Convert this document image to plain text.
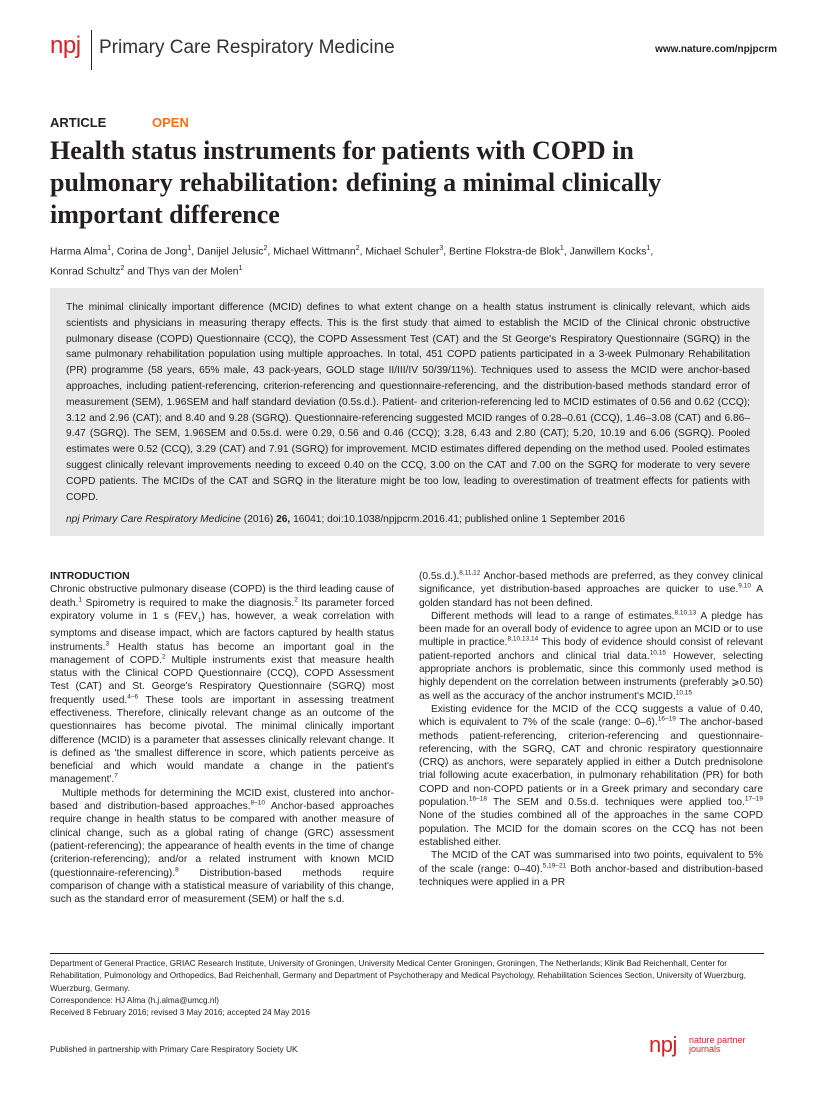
npj Primary Care Respiratory Medicine	www.nature.com/npjpcrm
ARTICLE	OPEN
Health status instruments for patients with COPD in pulmonary rehabilitation: defining a minimal clinically important difference
Harma Alma$^1$, Corina de Jong$^1$, Danijel Jelusic$^2$, Michael Wittmann$^2$, Michael Schuler$^3$, Bertine Flokstra-de Blok$^1$, Janwillem Kocks$^1$,
Konrad Schultz$^2$ and Thys van der Molen$^1$

The minimal clinically important difference (MCID) defines to what extent change on a health status instrument is clinically relevant, which aids scientists and physicians in measuring therapy effects. This is the first study that aimed to establish the MCID of the Clinical chronic obstructive pulmonary disease (COPD) Questionnaire (CCQ), the COPD Assessment Test (CAT) and the St George's Respiratory Questionnaire (SGRQ) in the same pulmonary rehabilitation population using multiple approaches. In total, 451 COPD patients participated in a 3-week Pulmonary Rehabilitation (PR) programme (58 years, 65% male, 43 pack-years, GOLD stage II/III/IV 50/39/11%). Techniques used to assess the MCID were anchor-based approaches, including patient-referencing, criterion-referencing and questionnaire-referencing, and the distribution-based methods standard error of measurement (SEM), 1.96SEM and half standard deviation (0.5s.d.). Patient- and criterion-referencing led to MCID estimates of 0.56 and 0.62 (CCQ); 3.12 and 2.96 (CAT); and 8.40 and 9.28 (SGRQ). Questionnaire-referencing suggested MCID ranges of 0.28–0.61 (CCQ), 1.46–3.08 (CAT) and 6.86–9.47 (SGRQ). The SEM, 1.96SEM and 0.5s.d. were 0.29, 0.56 and 0.46 (CCQ); 3.28, 6.43 and 2.80 (CAT); 5.20, 10.19 and 6.06 (SGRQ). Pooled estimates were 0.52 (CCQ), 3.29 (CAT) and 7.91 (SGRQ) for improvement. MCID estimates differed depending on the method used. Pooled estimates suggest clinically relevant improvements needing to exceed 0.40 on the CCQ, 3.00 on the CAT and 7.00 on the SGRQ for moderate to very severe COPD patients. The MCIDs of the CAT and SGRQ in the literature might be too low, leading to overestimation of treatment effects for patients with COPD.

npj Primary Care Respiratory Medicine (2016) 26, 16041; doi:10.1038/npjpcrm.2016.41; published online 1 September 2016

INTRODUCTION

Chronic obstructive pulmonary disease (COPD) is the third leading cause of death.$^1$ Spirometry is required to make the diagnosis.$^2$ Its parameter forced expiratory volume in 1 s $(FEV_1)$ has, however, a weak correlation with symptoms and disease impact, which are factors captured by health status instruments.$^3$ Health status has become an important goal in the management of COPD.$^2$ Multiple instruments exist that measure health status with the Clinical COPD Questionnaire (CCQ), COPD Assessment Test (CAT) and St. George's Respiratory Questionnaire (SGRQ) most frequently used.$^{4-6}$ These tools are important in assessing treatment effectiveness. Therefore, clinically relevant change as an outcome of the questionnaires has become pivotal. The minimal clinically important difference (MCID) is a parameter that assesses clinically relevant change. It is defined as 'the smallest difference in score, which patients perceive as beneficial and which would mandate a change in the patient's management'.$^7$

Multiple methods for determining the MCID exist, clustered into anchor-based and distribution-based approaches.$^{8-10}$ Anchor-based approaches require change in health status to be compared with another measure of clinical change, such as a global rating of change (GRC) assessment (patient-referencing); the appearance of health events in the time of change (criterion-referencing); and/or a related instrument with known MCID (questionnaire-referencing).$^8$ Distribution-based methods require comparison of change with a statistical measure of variability of this change, such as the standard error of measurement (SEM) or half the s.d.

(0.5s.d.).$^{8,11,12}$ Anchor-based methods are preferred, as they convey clinical significance, yet distribution-based approaches are quicker to use.$^{9,10}$ A golden standard has not been defined.

Different methods will lead to a range of estimates.$^{8,10,13}$ A pledge has been made for an overall body of evidence to agree upon an MCID or to use multiple in practice.$^{8,10,13,14}$ This body of evidence should consist of relevant patient-reported anchors and clinical trial data.$^{10,15}$ However, selecting appropriate anchors is problematic, since this commonly used method is highly dependent on the correlation between instruments (preferably ⩾0.50) as well as the accuracy of the anchor instrument's MCID.$^{10,15}$

Existing evidence for the MCID of the CCQ suggests a value of 0.40, which is equivalent to 7% of the scale (range: 0–6).$^{16-19}$ The anchor-based methods patient-referencing, criterion-referencing and questionnaire-referencing, with the SGRQ, CAT and chronic respiratory questionnaire (CRQ) as anchors, were separately applied in either a Dutch prednisolone trial following acute exacerbation, in pulmonary rehabilitation (PR) for both COPD and non-COPD patients or in a Greek primary and secondary care population.$^{16-18}$ The SEM and 0.5s.d. techniques were applied too.$^{17-19}$ None of the studies combined all of the approaches in the same COPD population. The MCID for the domain scores on the CCQ has not been established either.

The MCID of the CAT was summarised into two points, equivalent to 5% of the scale (range: 0–40).$^{5,19-21}$ Both anchor-based and distribution-based techniques were applied in a PR

Department of General Practice, GRIAC Research Institute, University of Groningen, University Medical Center Groningen, Groningen, The Netherlands; Klinik Bad Reichenhall, Center for Rehabilitation, Pulmonology and Orthopedics, Bad Reichenhall, Germany and Department of Psychotherapy and Medical Psychology, Rehabilitation Sciences Section, University of Wuerzburg, Wuerzburg, Germany.

Correspondence: HJ Alma (h.j.alma@umcg.nl)

Received 8 February 2016; revised 3 May 2016; accepted 24 May 2016

Published in partnership with Primary Care Respiratory Society UK	npj nature partner
journals
